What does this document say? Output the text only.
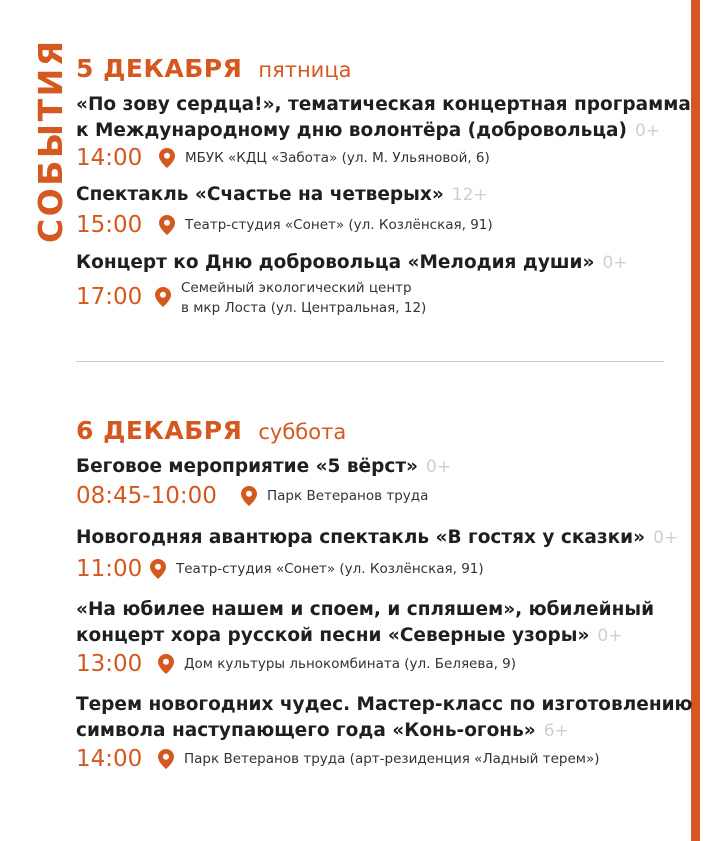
СОБЫТИЯ 5 ДЕКАБРЯ пятница
«По зову сердца!», тематическая концертная программа
к Международному дню волонтёра (добровольца) 0+
14:00	МБУК «КДЦ «Забота» (ул. М. Ульяновой, 6)
Спектакль «Счастье на четверых» 12+
15:00	Театр-студия «Сонет» (ул. Козлёнская, 91)
Концерт ко Дню добровольца «Мелодия души» 0+
17:00	Семейный экологический центр
в мкр Лоста (ул. Центральная, 12)
6 ДЕКАБРЯ суббота
Беговое мероприятие «5 вёрст» 0+
08:45-10:00	Парк Ветеранов труда
Новогодняя авантюра спектакль «В гостях у сказки» 0+
11:00 Театр-студия «Сонет» (ул. Козлёнская, 91)
«На юбилее нашем и споем, и спляшем», юбилейный
концерт хора русской песни «Северные узоры» 0+
13:00	Дом культуры льнокомбината (ул. Беляева, 9)
Терем новогодних чудес. Мастер-класс по изготовлению
символа наступающего года «Конь-огонь» 6+
14:00	Парк Ветеранов труда (арт-резиденция «Ладный терем»)
